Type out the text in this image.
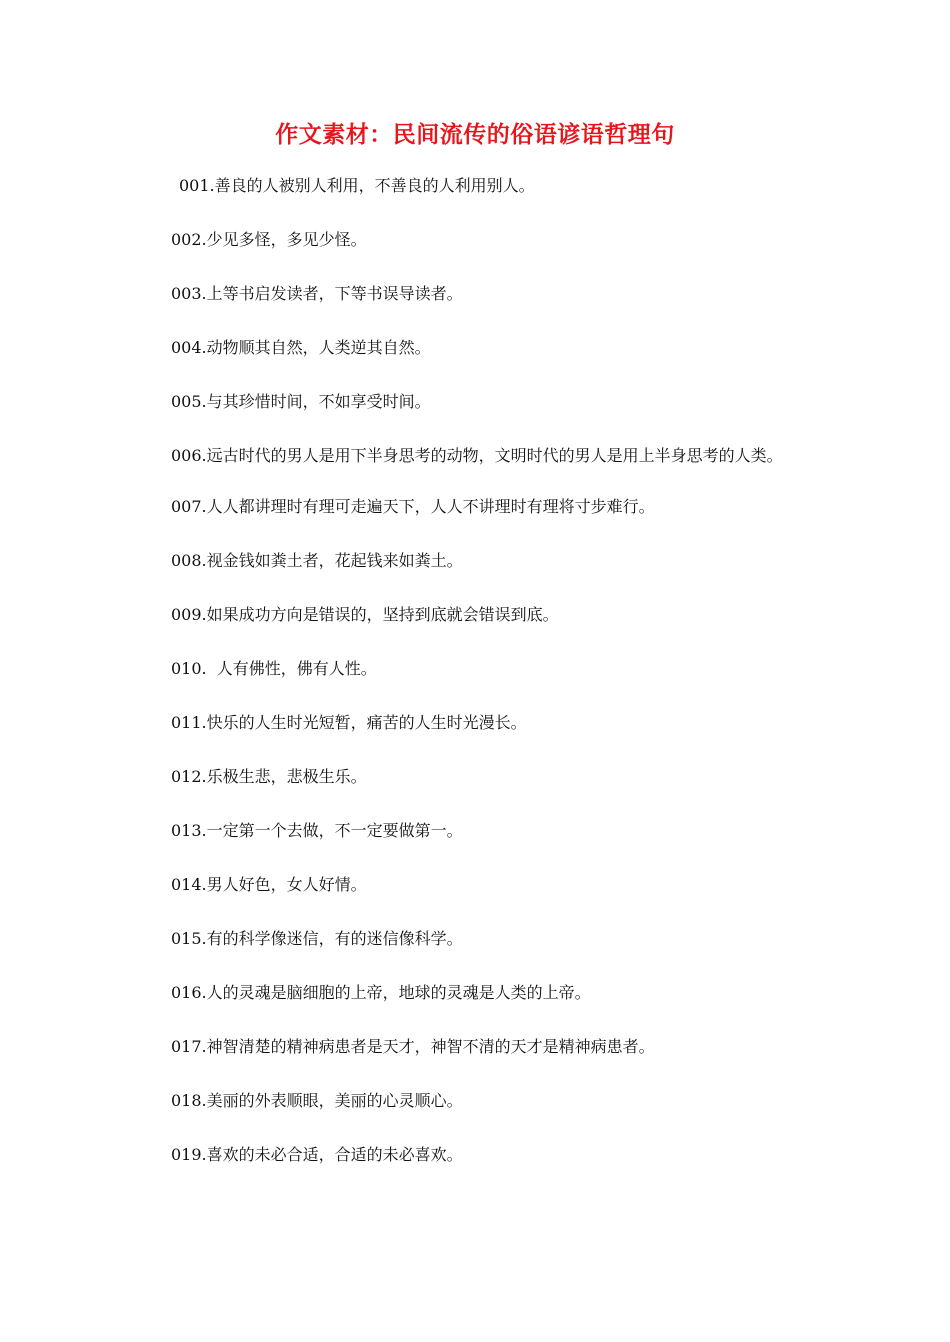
作文素材：民间流传的俗语谚语哲理句

001.善良的人被别人利用，不善良的人利用别人。

002.少见多怪，多见少怪。

003.上等书启发读者，下等书误导读者。

004.动物顺其自然，人类逆其自然。

005.与其珍惜时间，不如享受时间。

006.远古时代的男人是用下半身思考的动物，文明时代的男人是用上半身思考的人类。

007.人人都讲理时有理可走遍天下，人人不讲理时有理将寸步难行。

008.视金钱如粪土者，花起钱来如粪土。

009.如果成功方向是错误的，坚持到底就会错误到底。

010.  人有佛性，佛有人性。

011.快乐的人生时光短暂，痛苦的人生时光漫长。

012.乐极生悲，悲极生乐。

013.一定第一个去做，不一定要做第一。

014.男人好色，女人好情。

015.有的科学像迷信，有的迷信像科学。

016.人的灵魂是脑细胞的上帝，地球的灵魂是人类的上帝。

017.神智清楚的精神病患者是天才，神智不清的天才是精神病患者。

018.美丽的外表顺眼，美丽的心灵顺心。

019.喜欢的未必合适，合适的未必喜欢。
